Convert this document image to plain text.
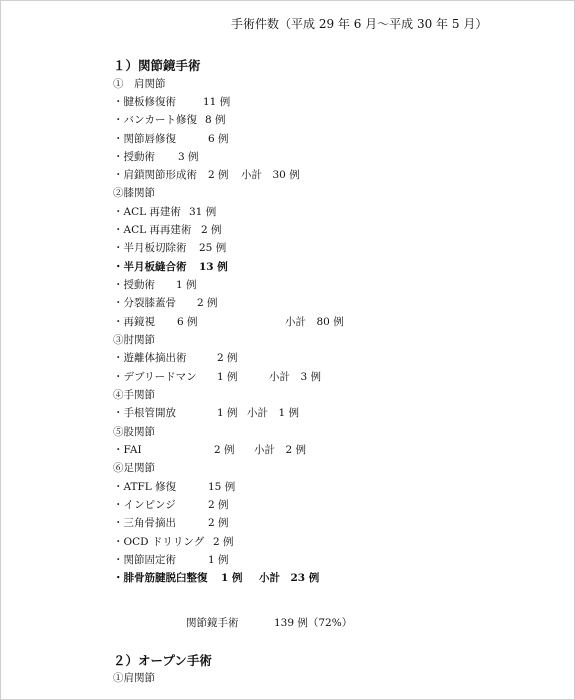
手術件数（平成 29 年 6 月〜平成 30 年 5 月）
１）関節鏡手術
①　肩関節
・腱板修復術	11 例
・バンカート修復 8 例
・関節唇修復	6 例
・授動術 3 例
・肩鎖関節形成術 2 例 小計　30 例
②膝関節
・ACL 再建術 31 例
・ACL 再再建術 2 例
・半月板切除術 25 例
・半月板縫合術 13 例
・授動術 1 例
・分裂膝蓋骨 2 例
・再鏡視 6 例	小計　80 例
③肘関節
・遊離体摘出術	2 例
・デブリードマン 1 例	小計　3 例
④手関節
・手根管開放	1 例 小計　1 例
⑤股関節
・FAI	2 例 小計　2 例
⑥足関節
・ATFL 修復	15 例
・インピンジ	2 例
・三角骨摘出	2 例
・OCD ドリリング 2 例
・関節固定術	1 例
・腓骨筋腱脱臼整復 1 例 小計　23 例
関節鏡手術	139 例（72%）
２）オープン手術
①肩関節
